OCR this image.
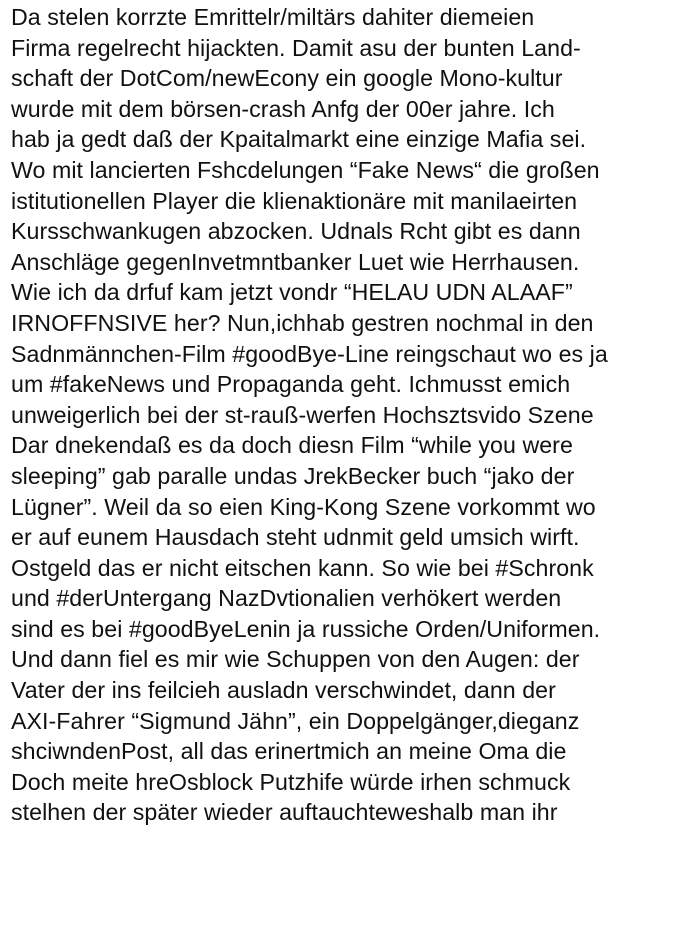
Da stelen korrzte Emrittelr/miltärs dahiter diemeien
Firma regelrecht hijackten. Damit asu der bunten Land-
schaft der DotCom/newEcony ein google Mono-kultur
wurde mit dem börsen-crash Anfg der 00er jahre. Ich
hab ja gedt daß der Kpaitalmarkt eine einzige Mafia sei.
Wo mit lancierten Fshcdelungen “Fake News“ die großen
istitutionellen Player die klienaktionäre mit manilaeirten
Kursschwankugen abzocken. Udnals Rcht gibt es dann
Anschläge gegenInvetmntbanker Luet wie Herrhausen.
Wie ich da drfuf kam jetzt vondr “HELAU UDN ALAAF”
IRNOFFNSIVE her? Nun,ichhab gestren nochmal in den
Sadnmännchen-Film #goodBye-Line reingschaut wo es ja
um #fakeNews und Propaganda geht. Ichmusst emich
unweigerlich bei der st-rauß-werfen Hochsztsvido Szene
Dar dnekendaß es da doch diesn Film “while you were
sleeping” gab paralle undas JrekBecker buch “jako der
Lügner”. Weil da so eien King-Kong Szene vorkommt wo
er auf eunem Hausdach steht udnmit geld umsich wirft.
Ostgeld das er nicht eitschen kann. So wie bei #Schronk
und #derUntergang NazDvtionalien verhökert werden
sind es bei #goodByeLenin ja russiche Orden/Uniformen.
Und dann fiel es mir wie Schuppen von den Augen: der
Vater der ins feilcieh ausladn verschwindet, dann der
AXI-Fahrer “Sigmund Jähn”, ein Doppelgänger,dieganz
shciwndenPost, all das erinertmich an meine Oma die
Doch meite hreOsblock Putzhife würde irhen schmuck
stelhen der später wieder auftauchteweshalb man ihr
